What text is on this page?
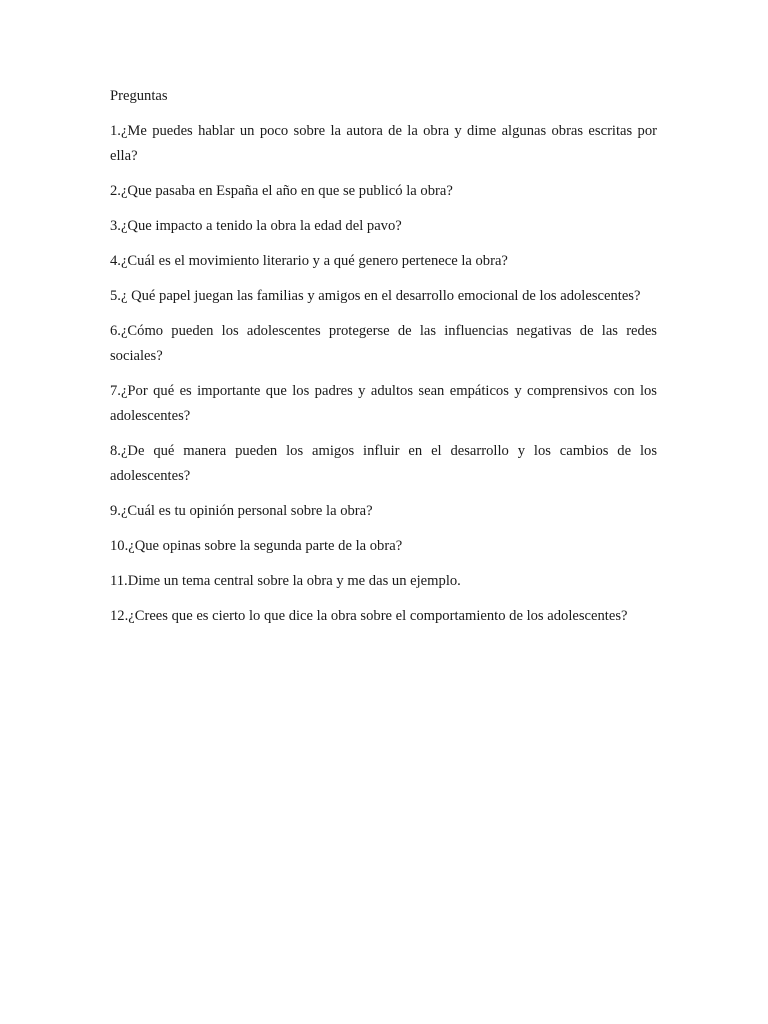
Preguntas

1.¿Me puedes hablar un poco sobre la autora de la obra y dime algunas obras escritas por ella?

2.¿Que pasaba en España el año en que se publicó la obra?

3.¿Que impacto a tenido la obra la edad del pavo?

4.¿Cuál es el movimiento literario y a qué genero pertenece la obra?

5.¿ Qué papel juegan las familias y amigos en el desarrollo emocional de los adolescentes?

6.¿Cómo pueden los adolescentes protegerse de las influencias negativas de las redes sociales?

7.¿Por qué es importante que los padres y adultos sean empáticos y comprensivos con los adolescentes?

8.¿De qué manera pueden los amigos influir en el desarrollo y los cambios de los adolescentes?

9.¿Cuál es tu opinión personal sobre la obra?

10.¿Que opinas sobre la segunda parte de la obra?

11.Dime un tema central sobre la obra y me das un ejemplo.

12.¿Crees que es cierto lo que dice la obra sobre el comportamiento de los adolescentes?
